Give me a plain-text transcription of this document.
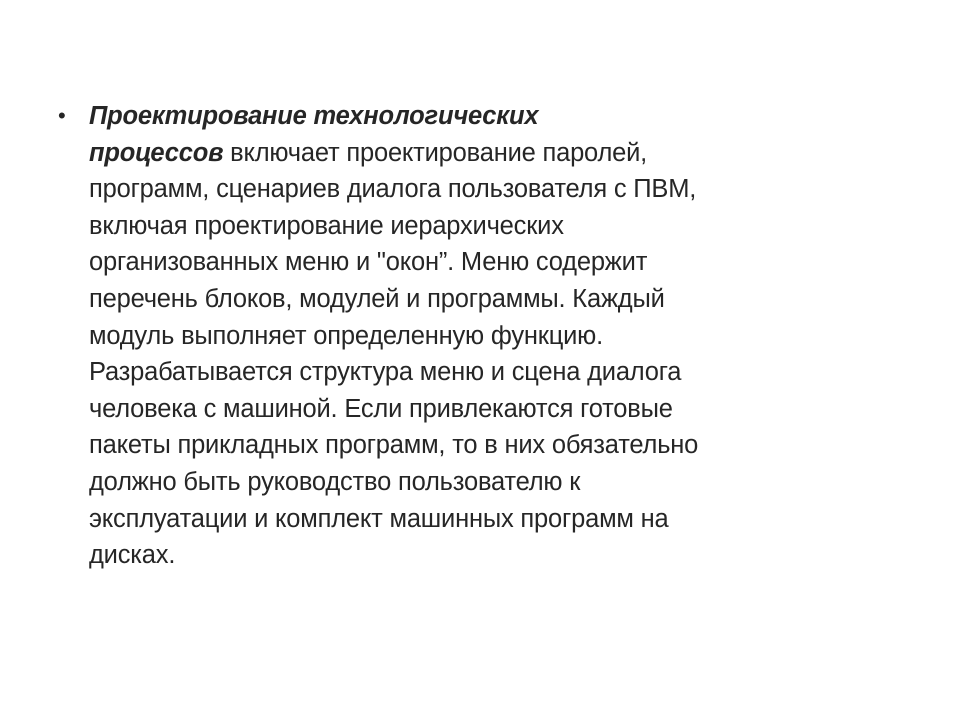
• Проектирование технологических
процессов включает проектирование паролей,
программ, сценариев диалога пользователя с ПВМ,
включая проектирование иерархических
организованных меню и "окон”. Меню содержит
перечень блоков, модулей и программы. Каждый
модуль выполняет определенную функцию.
Разрабатывается структура меню и сцена диалога
человека с машиной. Если привлекаются готовые
пакеты прикладных программ, то в них обязательно
должно быть руководство пользователю к
эксплуатации и комплект машинных программ на
дисках.
